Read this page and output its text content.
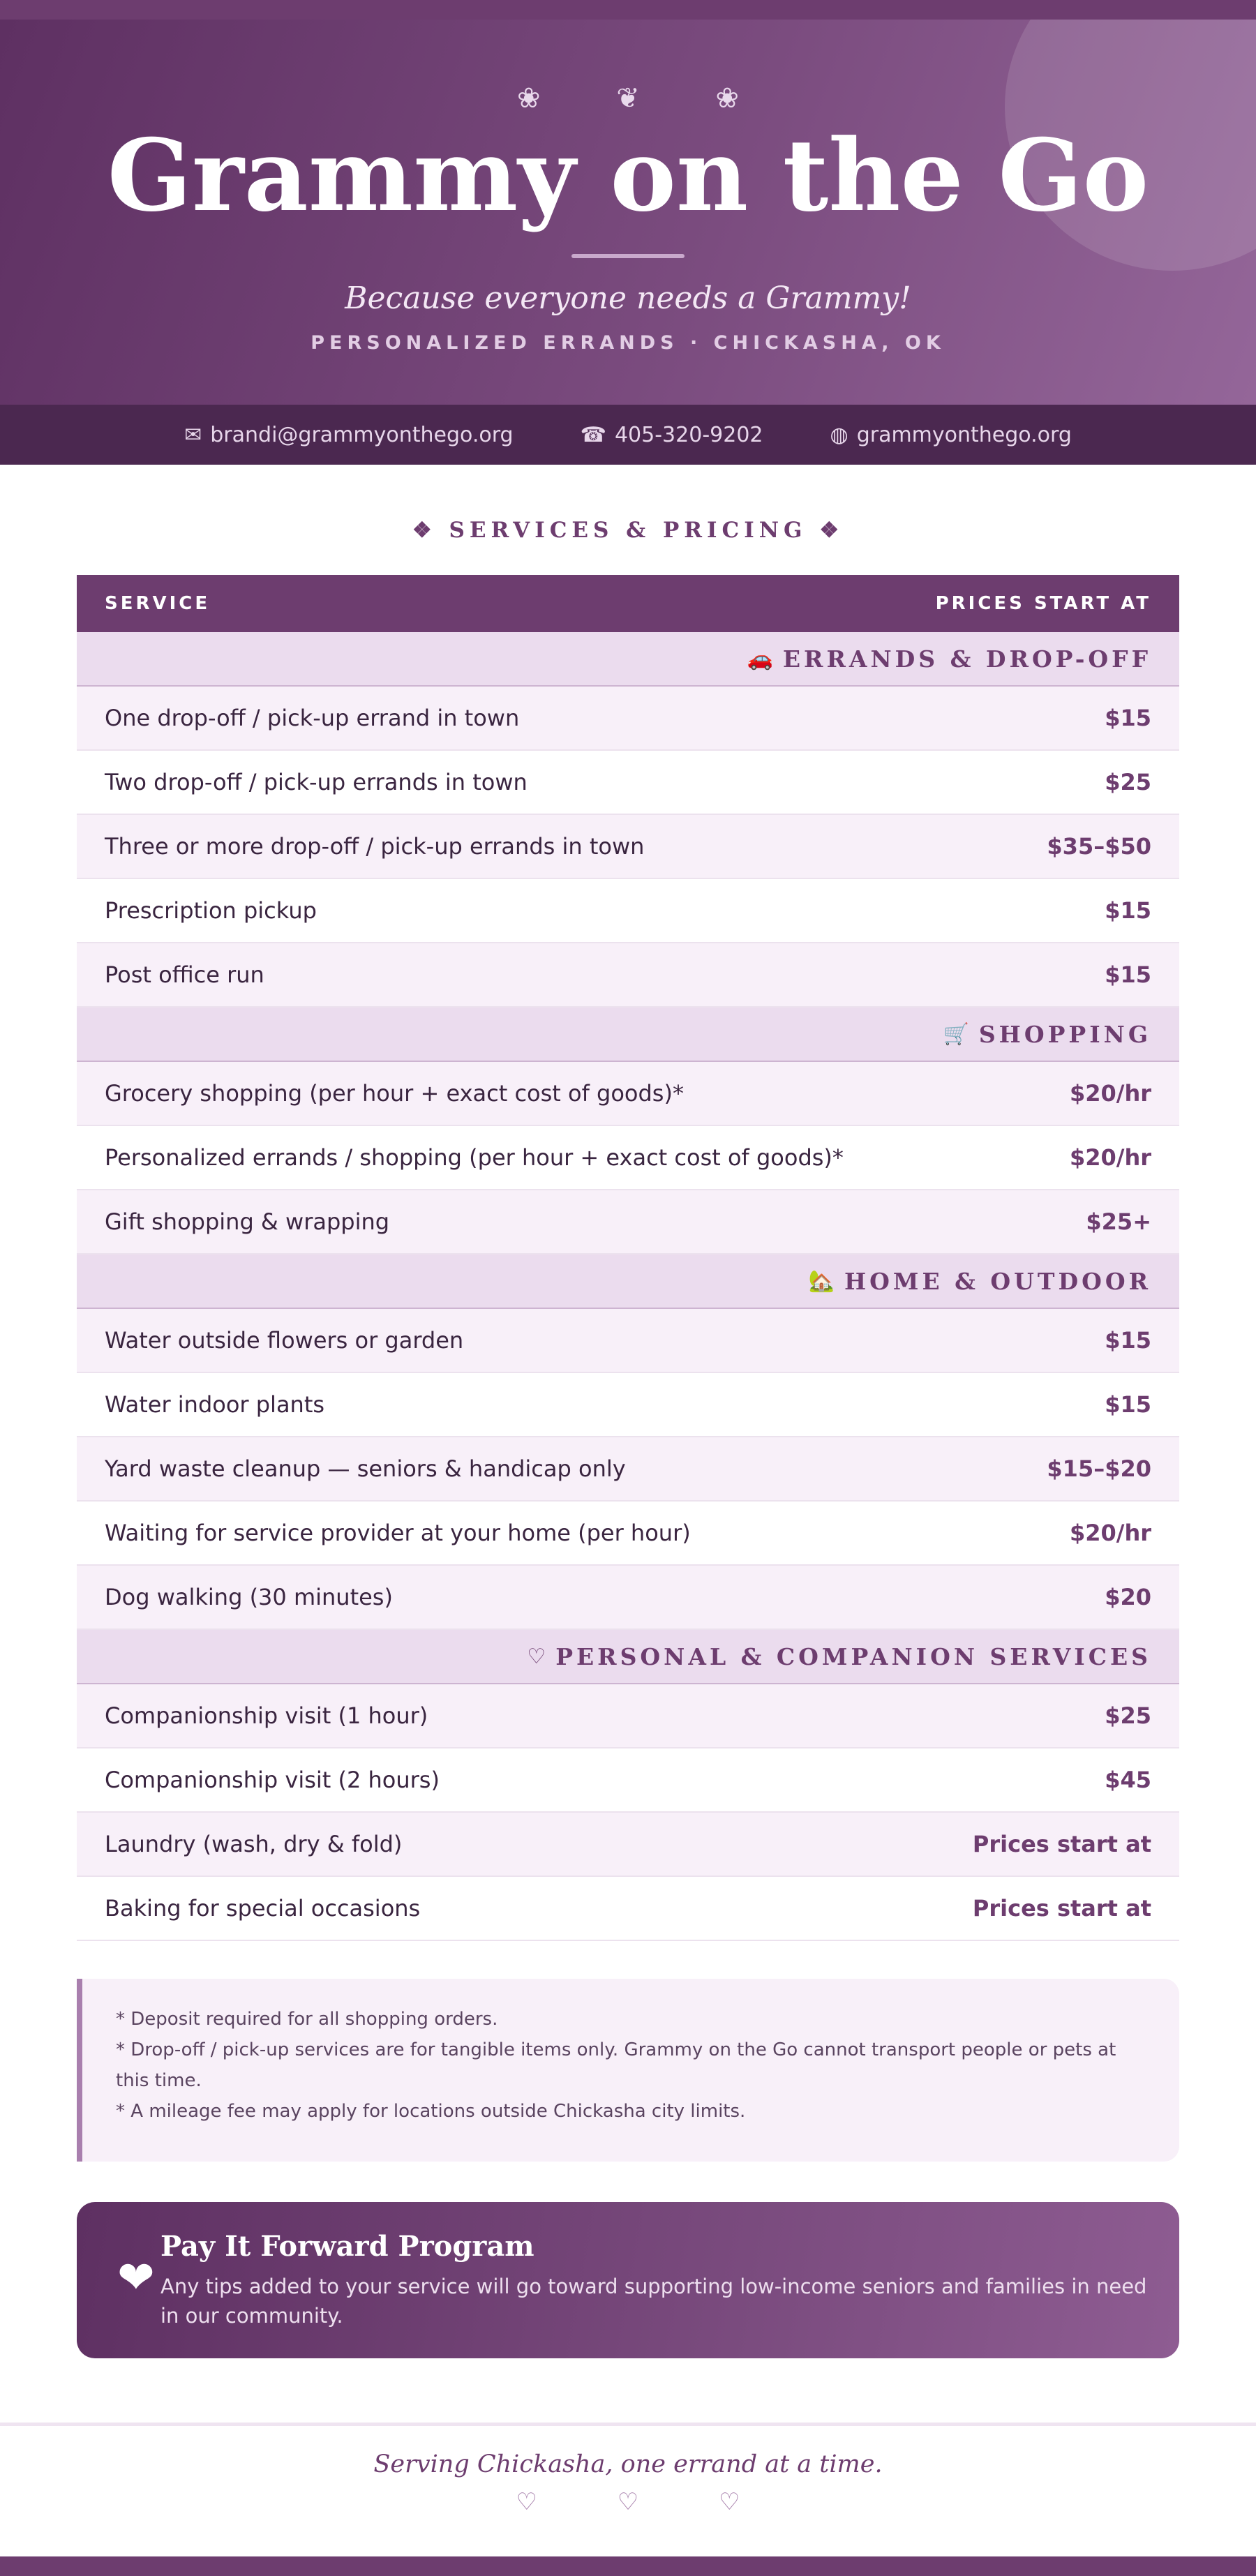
❀ ❦ ❀
Grammy on the Go
Because everyone needs a Grammy!
PERSONALIZED ERRANDS · CHICKASHA, OK
✉ brandi@grammyonthego.org	☎ 405-320-9202	◍ grammyonthego.org
❖ SERVICES & PRICING ❖
SERVICE	PRICES START AT
🚗 ERRANDS & DROP-OFF
One drop-off / pick-up errand in town	$15
Two drop-off / pick-up errands in town	$25
Three or more drop-off / pick-up errands in town	$35–$50
Prescription pickup	$15
Post office run	$15
🛒 SHOPPING
Grocery shopping (per hour + exact cost of goods)*	$20/hr
Personalized errands / shopping (per hour + exact cost of goods)*	$20/hr
Gift shopping & wrapping	$25+
🏡 HOME & OUTDOOR
Water outside flowers or garden	$15
Water indoor plants	$15
Yard waste cleanup — seniors & handicap only	$15–$20
Waiting for service provider at your home (per hour)	$20/hr
Dog walking (30 minutes)	$20
♡ PERSONAL & COMPANION SERVICES
Companionship visit (1 hour)	$25
Companionship visit (2 hours)	$45
Laundry (wash, dry & fold)	Prices start at
Baking for special occasions	Prices start at
* Deposit required for all shopping orders.
* Drop-off / pick-up services are for tangible items only. Grammy on the Go cannot transport people or pets at this time.
* A mileage fee may apply for locations outside Chickasha city limits.
❤
Pay It Forward Program
Any tips added to your service will go toward supporting low-income seniors and families in need in our community.
Serving Chickasha, one errand at a time.
♡ ♡ ♡
